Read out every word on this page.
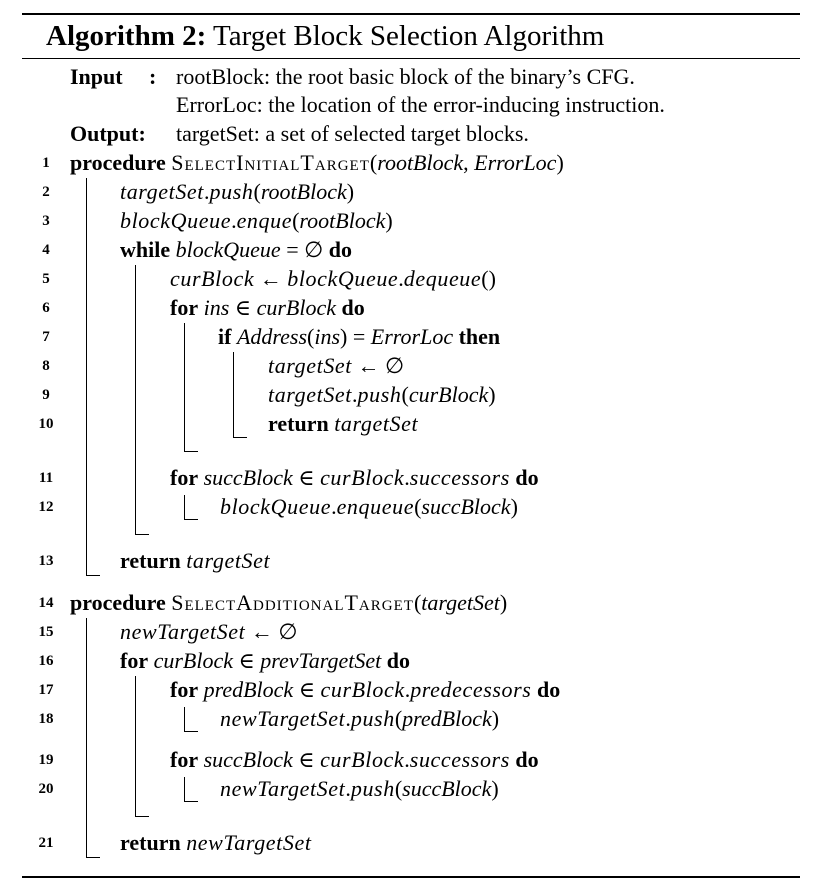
Algorithm 2: Target Block Selection Algorithm
Input : rootBlock: the root basic block of the binary’s CFG.
ErrorLoc: the location of the error-inducing instruction.
Output: targetSet: a set of selected target blocks.
1
2
3
4
5
6
7
8
9
10
11
12
13
14
15
16
17
18
19
20
21
procedure SelectInitialTarget(rootBlock, ErrorLoc)
targetSet.push(rootBlock)
blockQueue.enque(rootBlock)
while blockQueue = ∅ do
curBlock ← blockQueue.dequeue()
for ins ∈ curBlock do
if Address(ins) = ErrorLoc then
targetSet ← ∅
targetSet.push(curBlock)
return targetSet
for succBlock ∈ curBlock.successors do
blockQueue.enqueue(succBlock)
return targetSet
procedure SelectAdditionalTarget(targetSet)
newTargetSet ← ∅
for curBlock ∈ prevTargetSet do
for predBlock ∈ curBlock.predecessors do
newTargetSet.push(predBlock)
for succBlock ∈ curBlock.successors do
newTargetSet.push(succBlock)
return newTargetSet
